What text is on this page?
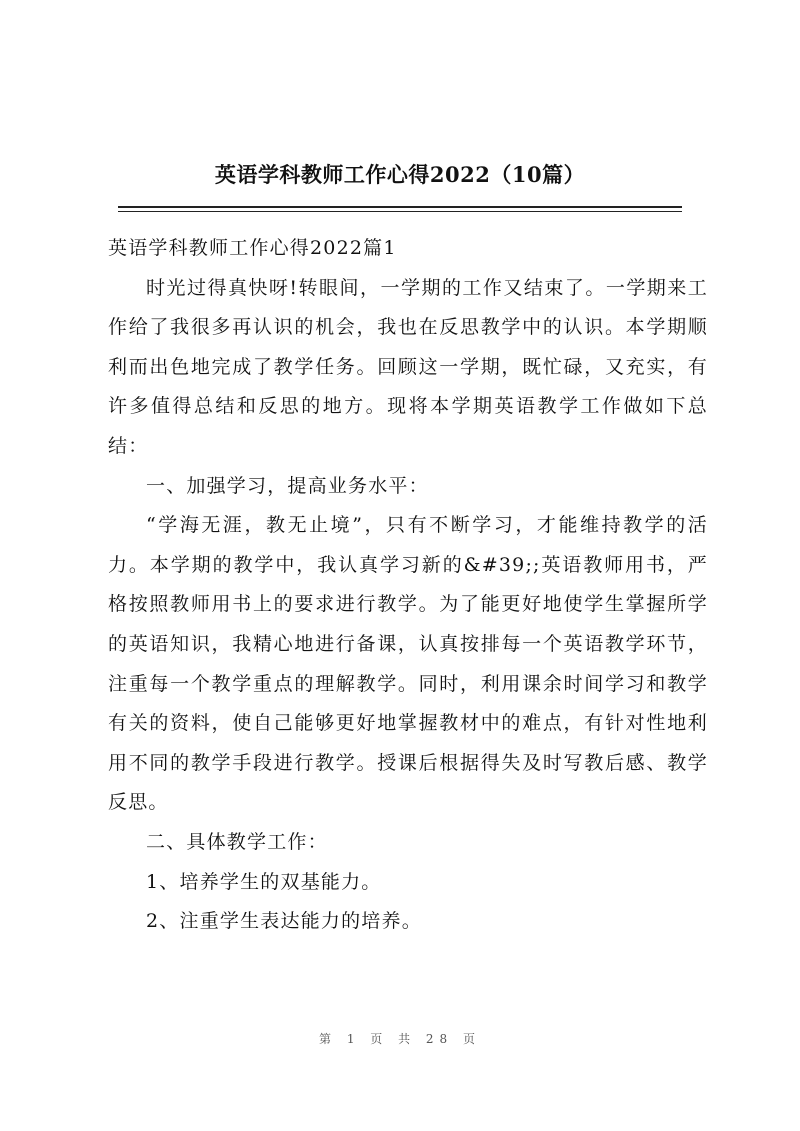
英语学科教师工作心得2022（10篇）

英语学科教师工作心得2022篇1

时光过得真快呀!转眼间，一学期的工作又结束了。一学期来工作给了我很多再认识的机会，我也在反思教学中的认识。本学期顺利而出色地完成了教学任务。回顾这一学期，既忙碌，又充实，有许多值得总结和反思的地方。现将本学期英语教学工作做如下总结：

一、加强学习，提高业务水平：

“学海无涯，教无止境”，只有不断学习，才能维持教学的活力。本学期的教学中，我认真学习新的&#39;;英语教师用书，严格按照教师用书上的要求进行教学。为了能更好地使学生掌握所学的英语知识，我精心地进行备课，认真按排每一个英语教学环节，注重每一个教学重点的理解教学。同时，利用课余时间学习和教学有关的资料，使自己能够更好地掌握教材中的难点，有针对性地利用不同的教学手段进行教学。授课后根据得失及时写教后感、教学反思。

二、具体教学工作：

1、培养学生的双基能力。

2、注重学生表达能力的培养。

第 1 页 共 28 页
